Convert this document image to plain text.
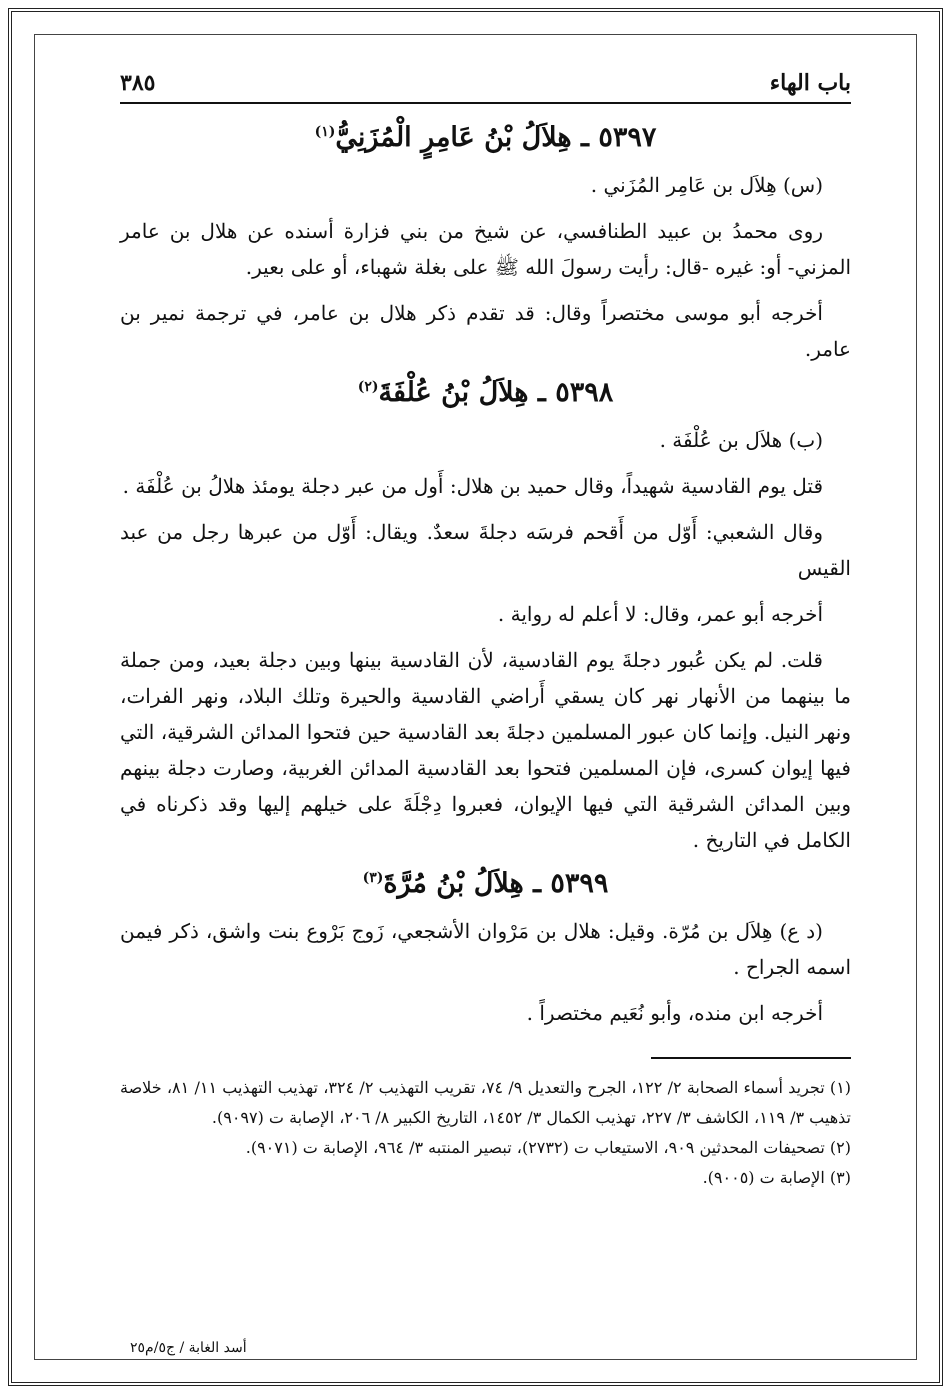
باب الهاء
٣٨٥
٥٣٩٧ ـ هِلاَلُ بْنُ عَامِرٍ الْمُزَنِيُّ$^{(١)}$

(س) هِلاَل بن عَامِر المُزَني .

روى محمدُ بن عبيد الطنافسي، عن شيخ من بني فزارة أسنده عن هلال بن عامر المزني- أو: غيره -قال: رأيت رسولَ الله ﷺ على بغلة شهباء، أو على بعير.

أخرجه أبو موسى مختصراً وقال: قد تقدم ذكر هلال بن عامر، في ترجمة نمير بن عامر.

٥٣٩٨ ـ هِلاَلُ بْنُ عُلْفَةَ$^{(٢)}$

(ب) هلاَل بن عُلْفَة .

قتل يوم القادسية شهيداً، وقال حميد بن هلال: أَول من عبر دجلة يومئذ هلالُ بن عُلْفَة .

وقال الشعبي: أَوّل من أَقحم فرسَه دجلةَ سعدٌ. ويقال: أَوّل من عبرها رجل من عبد القيس

أخرجه أبو عمر، وقال: لا أعلم له رواية .

قلت. لم يكن عُبور دجلةَ يوم القادسية، لأن القادسية بينها وبين دجلة بعيد، ومن جملة ما بينهما من الأنهار نهر كان يسقي أَراضي القادسية والحيرة وتلك البلاد، ونهر الفرات، ونهر النيل. وإنما كان عبور المسلمين دجلةَ بعد القادسية حين فتحوا المدائن الشرقية، التي فيها إيوان كسرى، فإن المسلمين فتحوا بعد القادسية المدائن الغربية، وصارت دجلة بينهم وبين المدائن الشرقية التي فيها الإيوان، فعبروا دِجْلَةَ على خيلهم إليها وقد ذكرناه في الكامل في التاريخ .

٥٣٩٩ ـ هِلاَلُ بْنُ مُرَّةَ$^{(٣)}$

(د ع) هِلاَل بن مُرّة. وقيل: هلال بن مَرْوان الأشجعي، زَوج بَرْوع بنت واشق، ذكر فيمن اسمه الجراح .

أخرجه ابن منده، وأبو نُعَيم مختصراً .

(١) تجريد أسماء الصحابة ٢/ ١٢٢، الجرح والتعديل ٩/ ٧٤، تقريب التهذيب ٢/ ٣٢٤، تهذيب التهذيب ١١/ ٨١، خلاصة تذهيب ٣/ ١١٩، الكاشف ٣/ ٢٢٧، تهذيب الكمال ٣/ ١٤٥٢، التاريخ الكبير ٨/ ٢٠٦، الإصابة ت (٩٠٩٧).

(٢) تصحيفات المحدثين ٩٠٩، الاستيعاب ت (٢٧٣٢)، تبصير المنتبه ٣/ ٩٦٤، الإصابة ت (٩٠٧١).

(٣) الإصابة ت (٩٠٠٥).

أسد الغابة / ج٥/م٢٥
